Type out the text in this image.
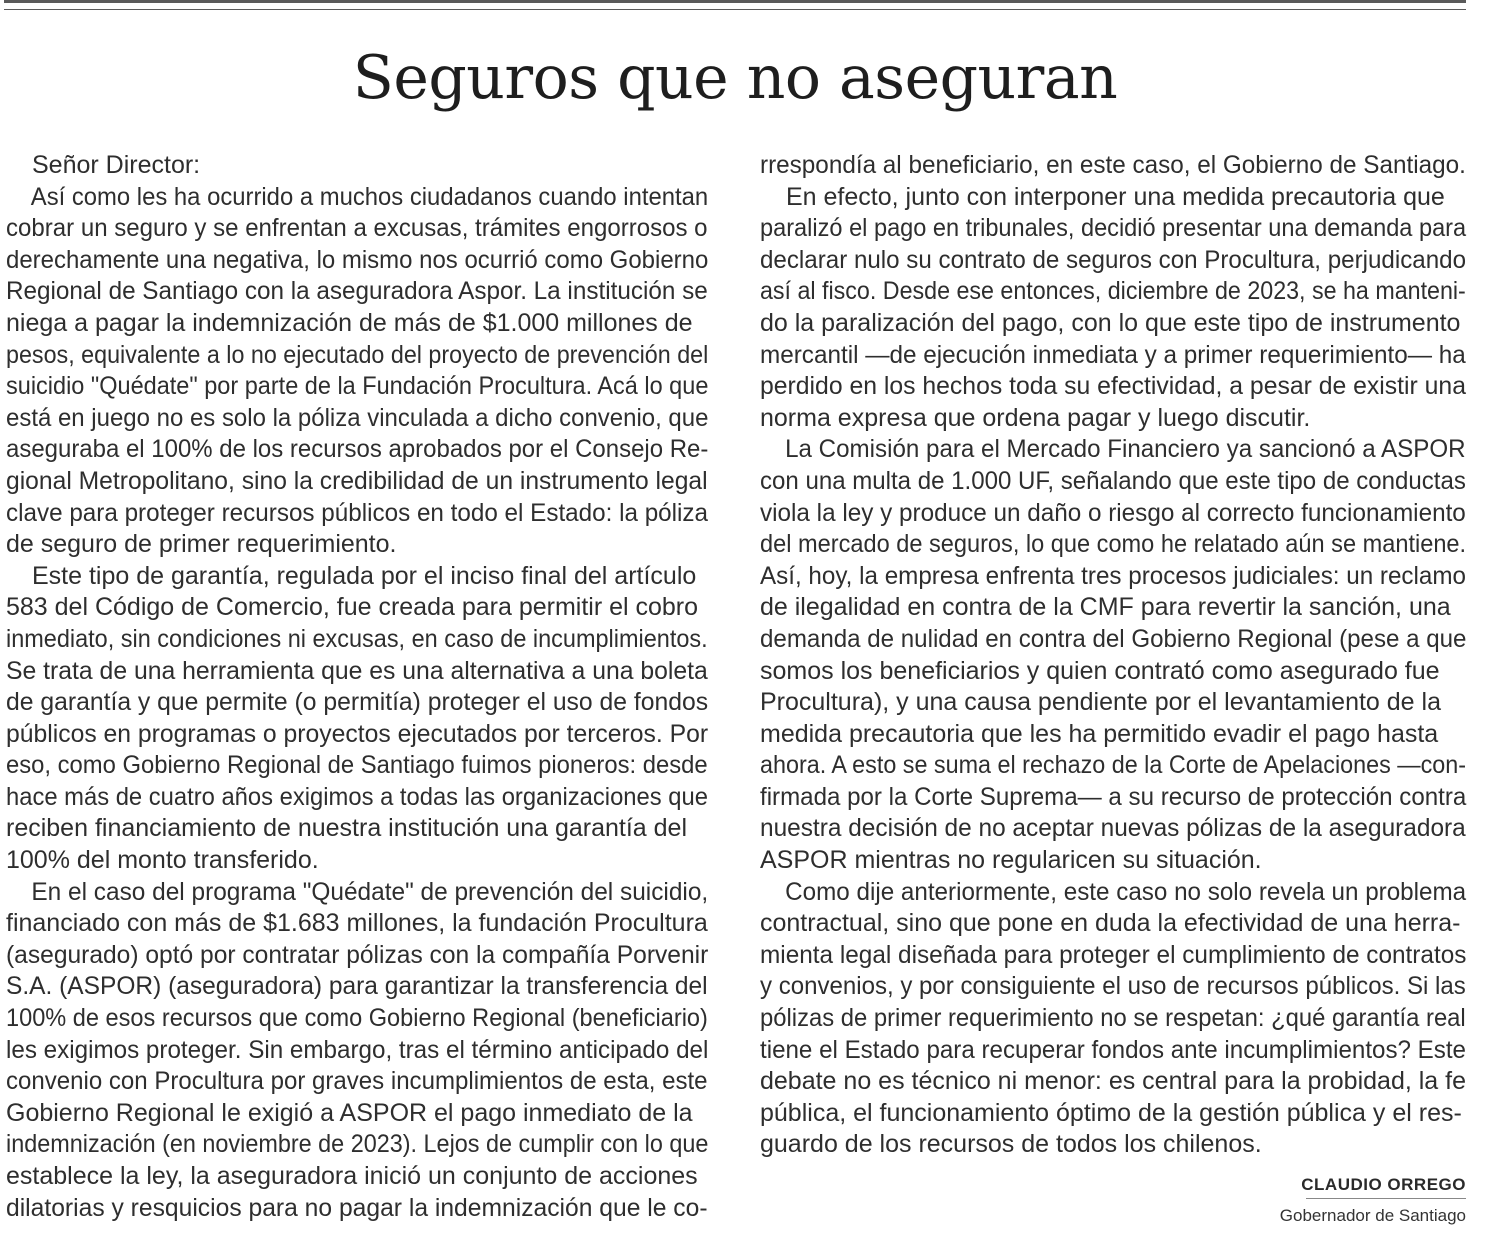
Seguros que no aseguran

Señor Director:

Así como les ha ocurrido a muchos ciudadanos cuando intentan
cobrar un seguro y se enfrentan a excusas, trámites engorrosos o
derechamente una negativa, lo mismo nos ocurrió como Gobierno
Regional de Santiago con la aseguradora Aspor. La institución se
niega a pagar la indemnización de más de $1.000 millones de
pesos, equivalente a lo no ejecutado del proyecto de prevención del
suicidio "Quédate" por parte de la Fundación Procultura. Acá lo que
está en juego no es solo la póliza vinculada a dicho convenio, que
aseguraba el 100% de los recursos aprobados por el Consejo Re-
gional Metropolitano, sino la credibilidad de un instrumento legal
clave para proteger recursos públicos en todo el Estado: la póliza
de seguro de primer requerimiento.

Este tipo de garantía, regulada por el inciso final del artículo
583 del Código de Comercio, fue creada para permitir el cobro
inmediato, sin condiciones ni excusas, en caso de incumplimientos.
Se trata de una herramienta que es una alternativa a una boleta
de garantía y que permite (o permitía) proteger el uso de fondos
públicos en programas o proyectos ejecutados por terceros. Por
eso, como Gobierno Regional de Santiago fuimos pioneros: desde
hace más de cuatro años exigimos a todas las organizaciones que
reciben financiamiento de nuestra institución una garantía del
100% del monto transferido.

En el caso del programa "Quédate" de prevención del suicidio,
financiado con más de $1.683 millones, la fundación Procultura
(asegurado) optó por contratar pólizas con la compañía Porvenir
S.A. (ASPOR) (aseguradora) para garantizar la transferencia del
100% de esos recursos que como Gobierno Regional (beneficiario)
les exigimos proteger. Sin embargo, tras el término anticipado del
convenio con Procultura por graves incumplimientos de esta, este
Gobierno Regional le exigió a ASPOR el pago inmediato de la
indemnización (en noviembre de 2023). Lejos de cumplir con lo que
establece la ley, la aseguradora inició un conjunto de acciones
dilatorias y resquicios para no pagar la indemnización que le co-

rrespondía al beneficiario, en este caso, el Gobierno de Santiago.

En efecto, junto con interponer una medida precautoria que
paralizó el pago en tribunales, decidió presentar una demanda para
declarar nulo su contrato de seguros con Procultura, perjudicando
así al fisco. Desde ese entonces, diciembre de 2023, se ha manteni-
do la paralización del pago, con lo que este tipo de instrumento
mercantil —de ejecución inmediata y a primer requerimiento— ha
perdido en los hechos toda su efectividad, a pesar de existir una
norma expresa que ordena pagar y luego discutir.

La Comisión para el Mercado Financiero ya sancionó a ASPOR
con una multa de 1.000 UF, señalando que este tipo de conductas
viola la ley y produce un daño o riesgo al correcto funcionamiento
del mercado de seguros, lo que como he relatado aún se mantiene.
Así, hoy, la empresa enfrenta tres procesos judiciales: un reclamo
de ilegalidad en contra de la CMF para revertir la sanción, una
demanda de nulidad en contra del Gobierno Regional (pese a que
somos los beneficiarios y quien contrató como asegurado fue
Procultura), y una causa pendiente por el levantamiento de la
medida precautoria que les ha permitido evadir el pago hasta
ahora. A esto se suma el rechazo de la Corte de Apelaciones —con-
firmada por la Corte Suprema— a su recurso de protección contra
nuestra decisión de no aceptar nuevas pólizas de la aseguradora
ASPOR mientras no regularicen su situación.

Como dije anteriormente, este caso no solo revela un problema
contractual, sino que pone en duda la efectividad de una herra-
mienta legal diseñada para proteger el cumplimiento de contratos
y convenios, y por consiguiente el uso de recursos públicos. Si las
pólizas de primer requerimiento no se respetan: ¿qué garantía real
tiene el Estado para recuperar fondos ante incumplimientos? Este
debate no es técnico ni menor: es central para la probidad, la fe
pública, el funcionamiento óptimo de la gestión pública y el res-
guardo de los recursos de todos los chilenos.

CLAUDIO ORREGO
Gobernador de Santiago
